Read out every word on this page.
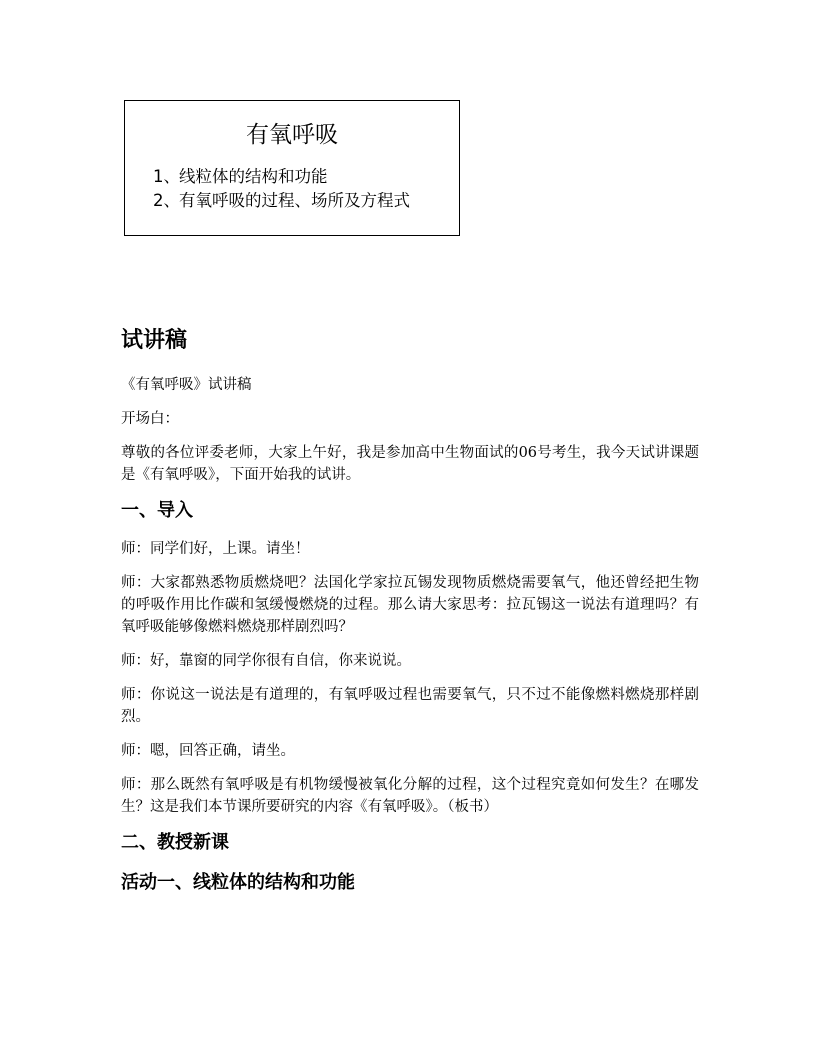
有氧呼吸
1、线粒体的结构和功能
2、有氧呼吸的过程、场所及方程式
试讲稿

《有氧呼吸》试讲稿

开场白：

尊敬的各位评委老师，大家上午好，我是参加高中生物面试的06号考生，我今天试讲课题是《有氧呼吸》，下面开始我的试讲。

一、导入

师：同学们好，上课。请坐！

师：大家都熟悉物质燃烧吧？法国化学家拉瓦锡发现物质燃烧需要氧气，他还曾经把生物的呼吸作用比作碳和氢缓慢燃烧的过程。那么请大家思考：拉瓦锡这一说法有道理吗？有氧呼吸能够像燃料燃烧那样剧烈吗？

师：好，靠窗的同学你很有自信，你来说说。

师：你说这一说法是有道理的，有氧呼吸过程也需要氧气，只不过不能像燃料燃烧那样剧烈。

师：嗯，回答正确，请坐。

师：那么既然有氧呼吸是有机物缓慢被氧化分解的过程，这个过程究竟如何发生？在哪发生？这是我们本节课所要研究的内容《有氧呼吸》。（板书）

二、教授新课
活动一、线粒体的结构和功能
